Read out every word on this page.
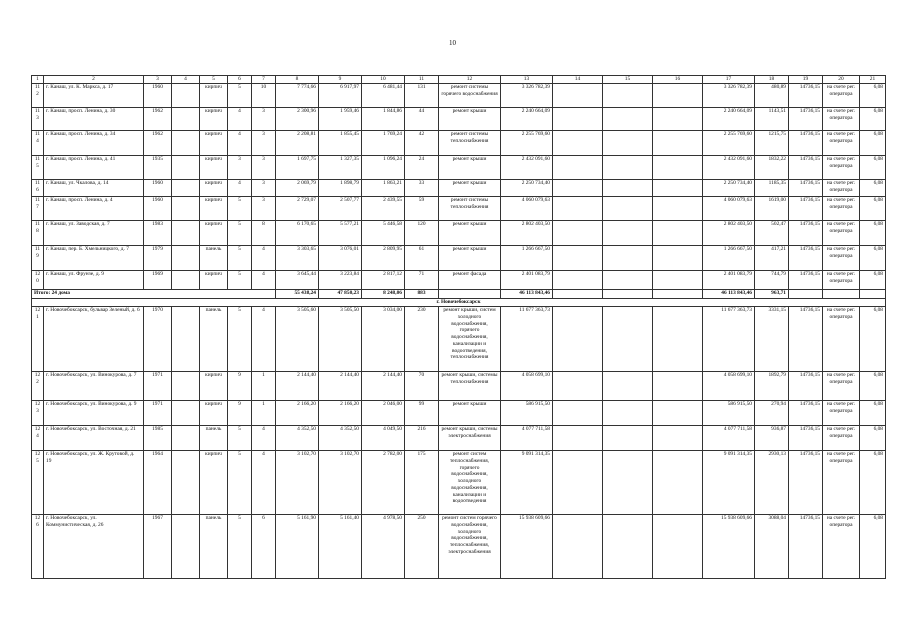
10
1	2	3	4	5	6	7	8	9	10	11	12	13	14	15	16	17	18	19	20	21
112	г. Канаш, ул. К. Маркса, д. 17	1960		кирпич	5	10	7 774,66	6 917,97	6 481,44	131	ремонт системы горячего водоснабжения	3 326 782,39				3 326 782,39	480,89	14736,15	на счете рег. оператора	6,08
113	г. Канаш, просп. Ленина, д. 30	1962		кирпич	4	3	2 300,96	1 959,46	1 844,86	44	ремонт крыши	2 240 664,09				2 240 664,09	1143,51	14736,15	на счете рег. оператора	6,08
114	г. Канаш, просп. Ленина, д. 34	1962		кирпич	4	3	2 208,81	1 855,45	1 769,24	42	ремонт системы теплоснабжения	2 255 769,60				2 255 769,60	1215,75	14736,15	на счете рег. оператора	6,08
115	г. Канаш, просп. Ленина, д. 41	1935		кирпич	3	3	1 697,75	1 327,35	1 096,24	24	ремонт крыши	2 432 091,60				2 432 091,60	1832,22	14736,15	на счете рег. оператора	6,08
116	г. Канаш, ул. Чкалова, д. 14	1960		кирпич	4	3	2 069,79	1 898,79	1 863,21	33	ремонт крыши	2 250 734,40				2 250 734,40	1185,35	14736,15	на счете рег. оператора	6,08
117	г. Канаш, просп. Ленина, д. 4	1960		кирпич	5	3	2 729,07	2 507,77	2 439,55	59	ремонт системы теплоснабжения	4 060 079,63				4 060 079,63	1619,00	14736,15	на счете рег. оператора	6,08
118	г. Канаш, ул. Заводская, д. 7	1983		кирпич	5	8	6 170,65	5 577,21	5 446,58	120	ремонт крыши	2 802 403,50				2 802 403,50	502,47	14736,15	на счете рег. оператора	6,08
119	г. Канаш, пер. Б. Хмельницкого, д. 7	1979		панель	5	4	3 303,65	3 076,01	2 809,95	61	ремонт крыши	1 266 667,50				1 266 667,50	417,21	14736,15	на счете рег. оператора	6,08
120	г. Канаш, ул. Фрунзе, д. 9	1969		кирпич	5	4	3 645,44	3 223,84	2 817,12	71	ремонт фасада	2 401 083,79				2 401 083,79	744,79	14736,15	на счете рег. оператора	6,08
Итого: 24 дома							55 438,24	47 850,23	8 248,06	883		46 113 843,46				46 113 843,46	963,71			
г. Новочебоксарск																				
121	г. Новочебоксарск, бульвар Зеленый, д. 6	1970		панель	5	4	3 505,60	3 505,50	3 034,00	230	ремонт крыши, систем холодного водоснабжения, горячего водоснабжения, канализации и водоотведения, теплоснабжения	11 677 363,73				11 677 363,73	3331,15	14736,15	на счете рег. оператора	6,08
122	г. Новочебоксарск, ул. Винокурова, д. 7	1971		кирпич	9	1	2 144,40	2 144,40	2 144,40	70	ремонт крыши, системы теплоснабжения	4 058 699,10				4 058 699,10	1892,79	14736,15	на счете рег. оператора	6,08
123	г. Новочебоксарск, ул. Винокурова, д. 9	1971		кирпич	9	1	2 166,20	2 166,20	2 046,00	99	ремонт крыши	586 915,50				586 915,50	270,94	14736,15	на счете рег. оператора	6,08
124	г. Новочебоксарск, ул. Восточная, д. 21	1985		панель	5	4	4 352,50	4 352,50	4 049,50	216	ремонт крыши, системы электроснабжения	4 077 711,58				4 077 711,58	936,87	14736,15	на счете рег. оператора	6,08
125	г. Новочебоксарск, ул. Ж. Крутовой, д. 19	1964		кирпич	5	4	3 102,70	3 102,70	2 782,00	175	ремонт систем теплоснабжения, горячего водоснабжения, холодного водоснабжения, канализации и водоотведения	9 091 314,35				9 091 314,35	2930,13	14736,15	на счете рег. оператора	6,08
126	г. Новочебоксарск, ул. Коммунистическая, д. 26	1967		панель	5	6	5 161,90	5 161,40	4 978,50	250	ремонт систем горячего водоснабжения, холодного водоснабжения, теплоснабжения, электроснабжения	15 938 609,66				15 938 609,66	3088,04	14736,15	на счете рег. оператора	6,08
